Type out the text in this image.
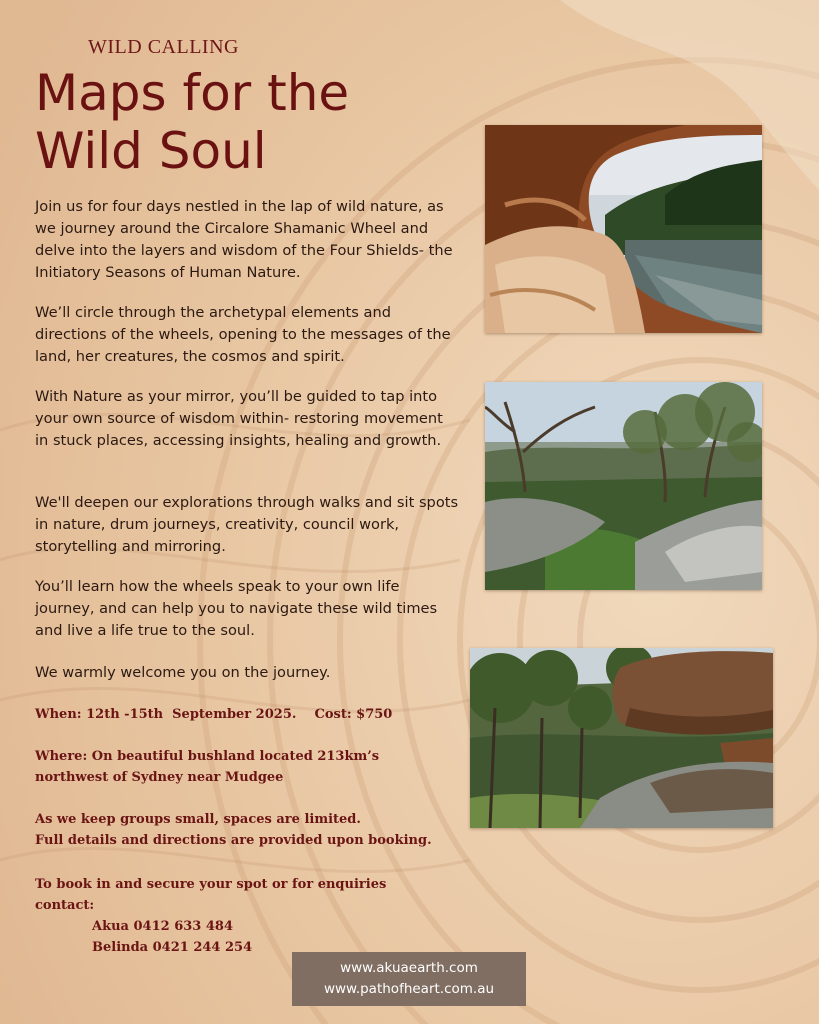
WILD CALLING
Maps for the
Wild Soul

Join us for four days nestled in the lap of wild nature, as we journey around the Circalore Shamanic Wheel and delve into the layers and wisdom of the Four Shields- the Initiatory Seasons of Human Nature.

We’ll circle through the archetypal elements and directions of the wheels, opening to the messages of the land, her creatures, the cosmos and spirit.

With Nature as your mirror, you’ll be guided to tap into your own source of wisdom within- restoring movement in stuck places, accessing insights, healing and growth.

We'll deepen our explorations through walks and sit spots in nature, drum journeys, creativity, council work, storytelling and mirroring.

You’ll learn how the wheels speak to your own life journey, and can help you to navigate these wild times and live a life true to the soul.

We warmly welcome you on the journey.

When: 12th -15th  September 2025.    Cost: $750

Where: On beautiful bushland located 213km’s

northwest of Sydney near Mudgee

As we keep groups small, spaces are limited.

Full details and directions are provided upon booking.

To book in and secure your spot or for enquiries

contact:

Akua 0412 633 484

Belinda 0421 244 254

www.akuaearth.com
www.pathofheart.com.au
